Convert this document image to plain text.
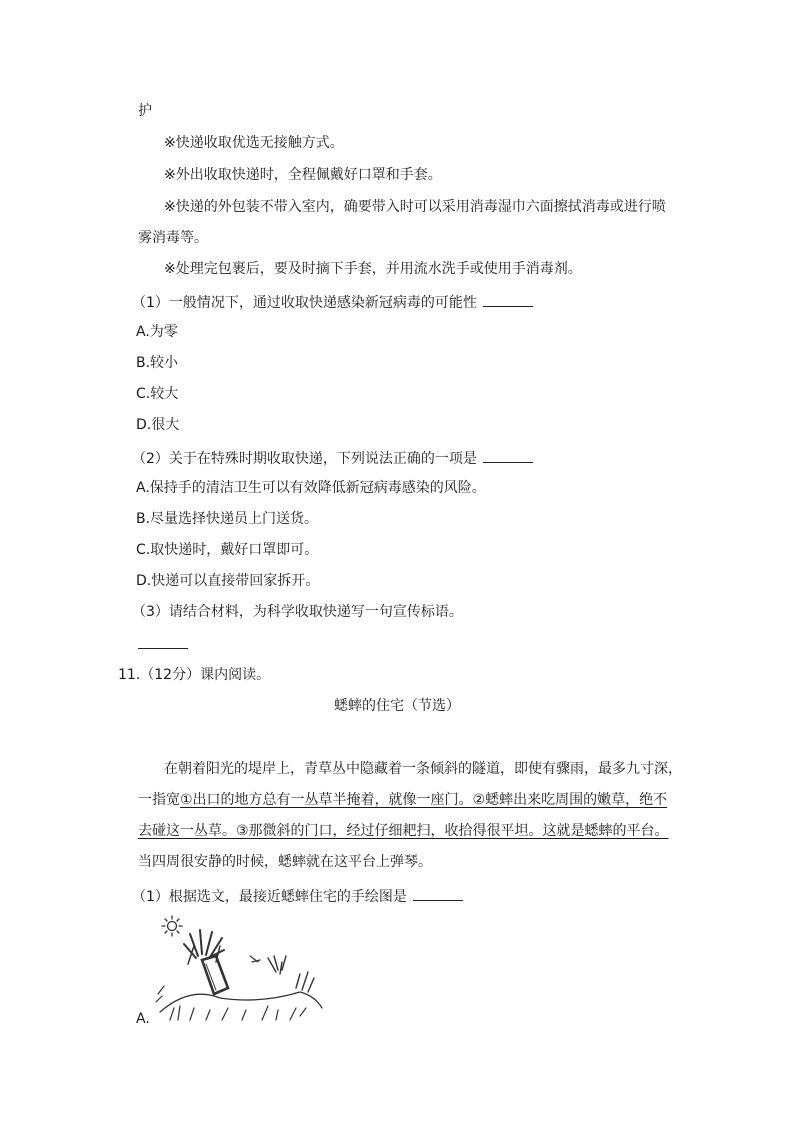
护
※快递收取优选无接触方式。
※外出收取快递时，全程佩戴好口罩和手套。
※快递的外包装不带入室内，确要带入时可以采用消毒湿巾六面擦拭消毒或进行喷
雾消毒等。
※处理完包裹后，要及时摘下手套，并用流水洗手或使用手消毒剂。
（1）一般情况下，通过收取快递感染新冠病毒的可能性
A.为零
B.较小
C.较大
D.很大
（2）关于在特殊时期收取快递，下列说法正确的一项是
A.保持手的清洁卫生可以有效降低新冠病毒感染的风险。
B.尽量选择快递员上门送货。
C.取快递时，戴好口罩即可。
D.快递可以直接带回家拆开。
（3）请结合材料，为科学收取快递写一句宣传标语。
11.（12分）课内阅读。
蟋蟀的住宅（节选）
在朝着阳光的堤岸上，青草丛中隐藏着一条倾斜的隧道，即使有骤雨，最多九寸深，
一指宽①出口的地方总有一丛草半掩着，就像一座门。②蟋蟀出来吃周围的嫩草，绝不
去碰这一丛草。③那微斜的门口，经过仔细耙扫，收拾得很平坦。这就是蟋蟀的平台。
当四周很安静的时候，蟋蟀就在这平台上弹琴。
（1）根据选文，最接近蟋蟀住宅的手绘图是
A.
